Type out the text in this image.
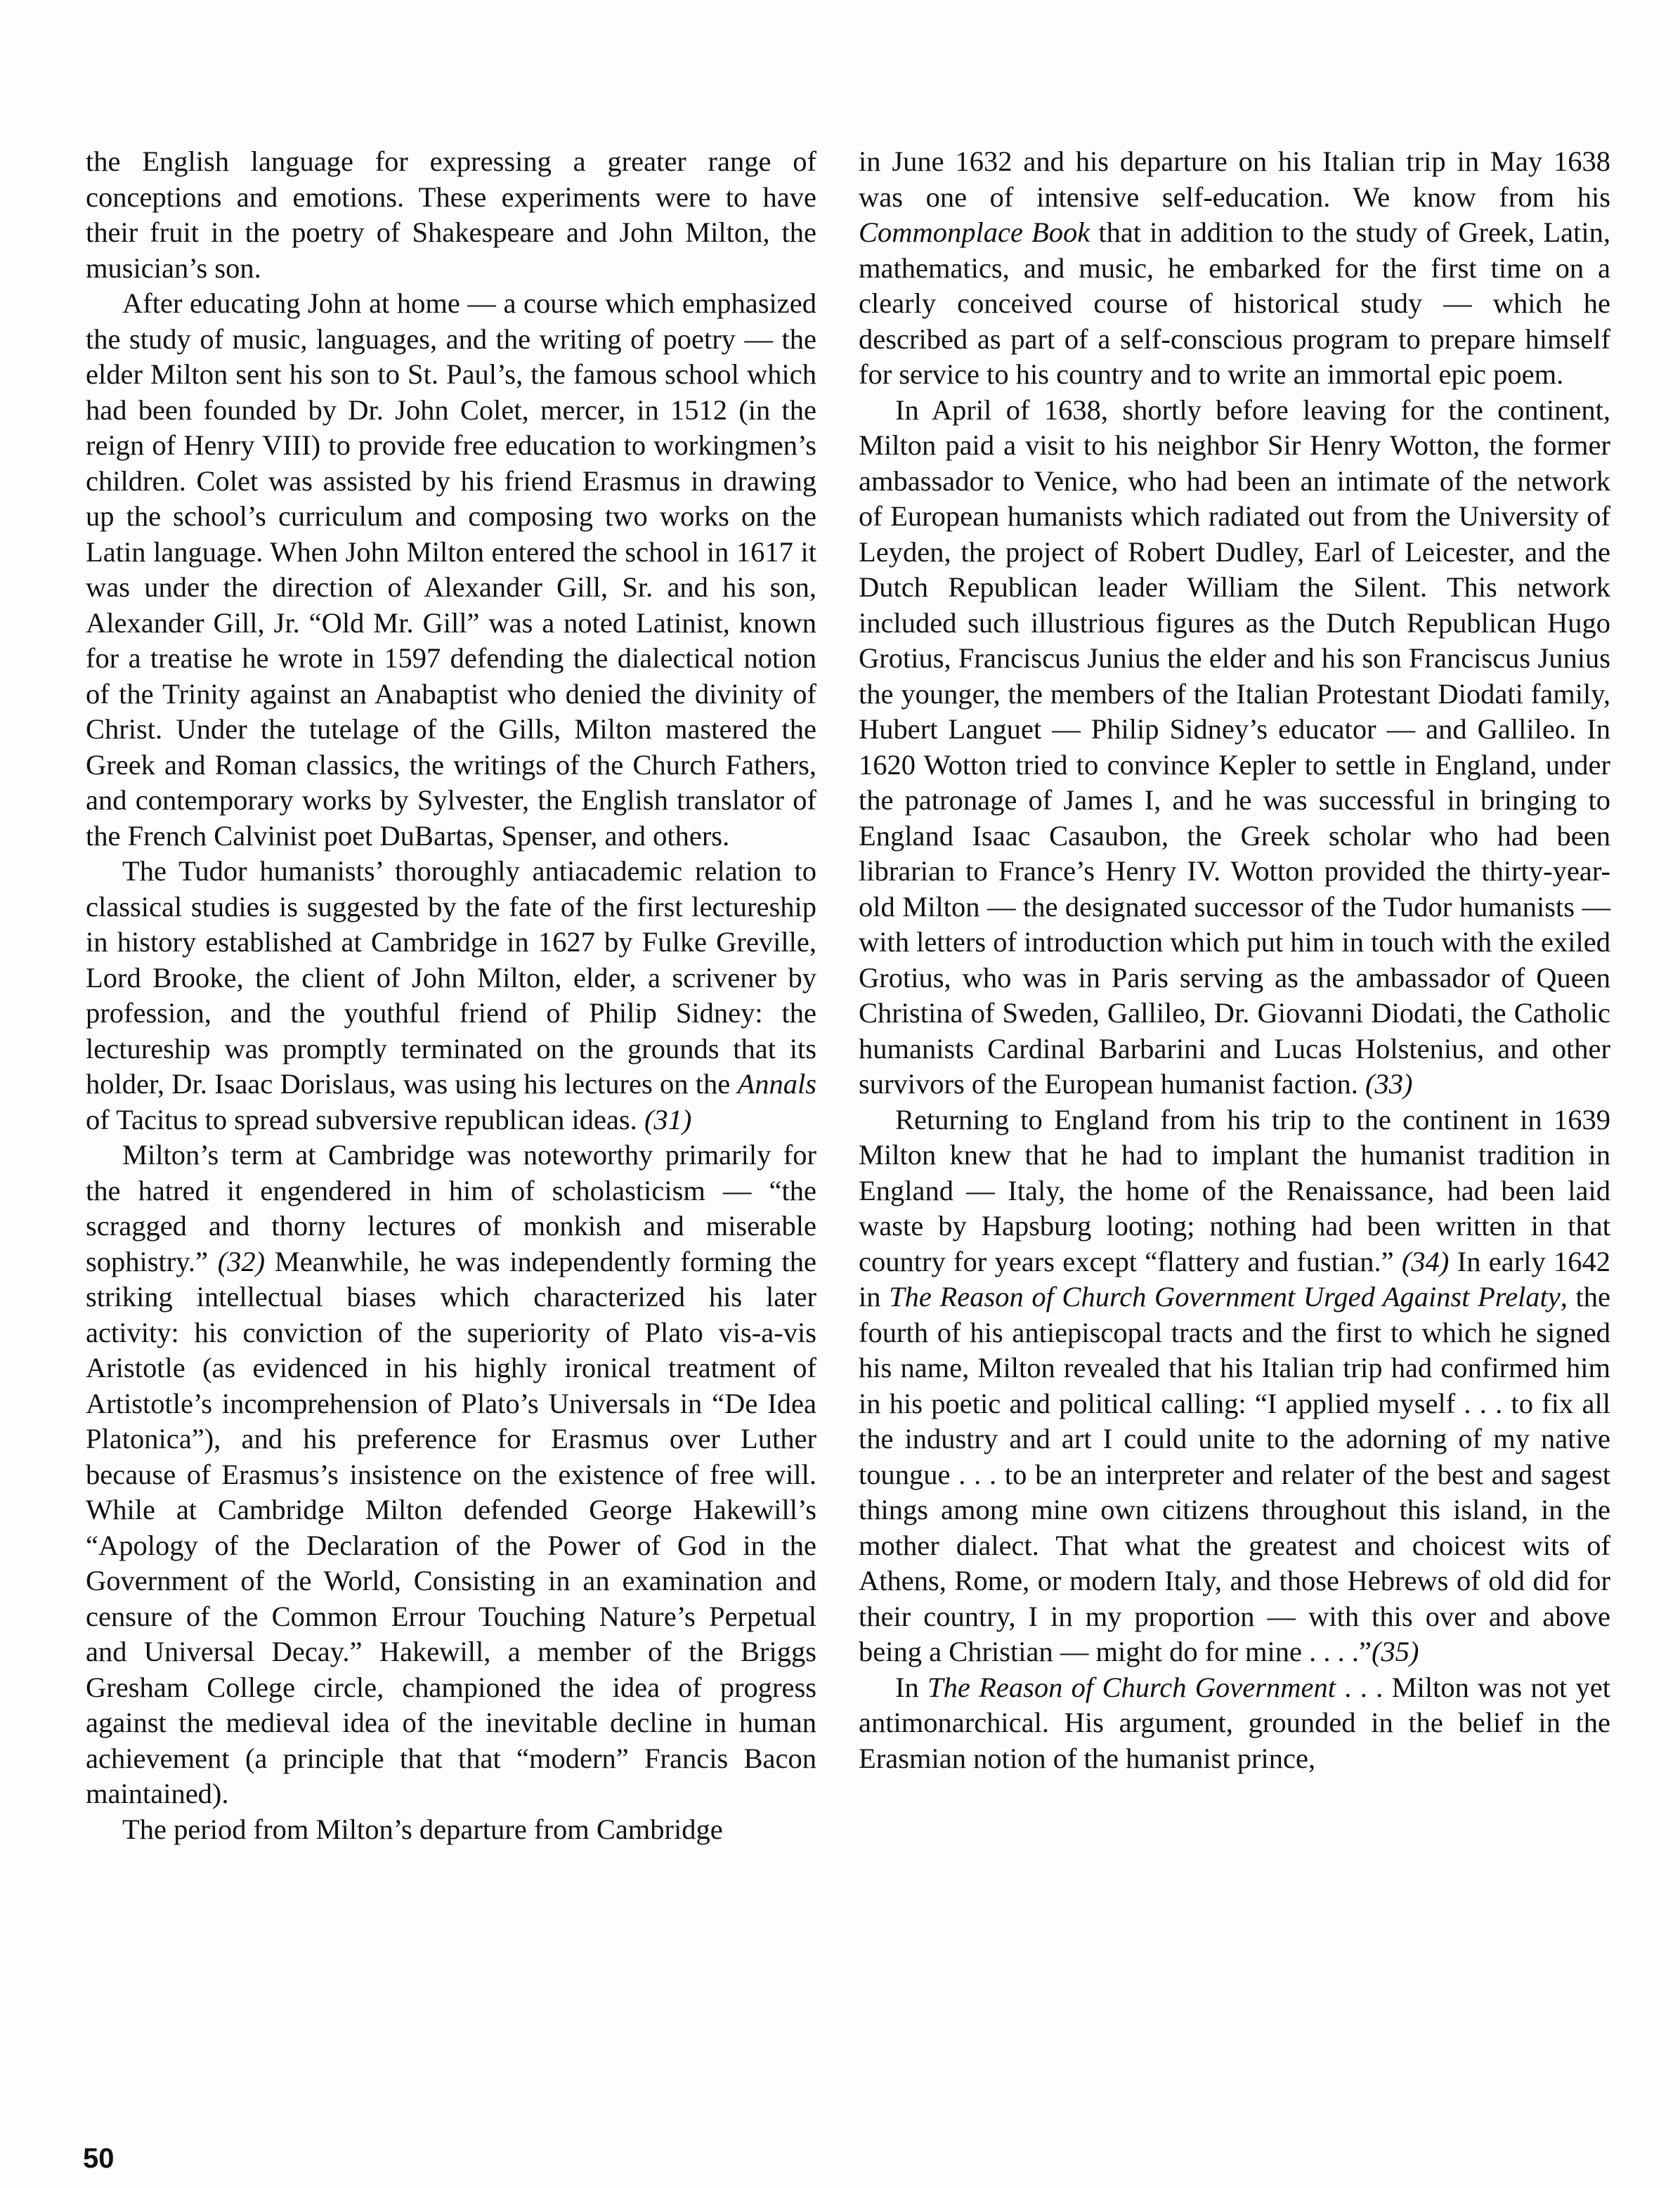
the English language for expressing a greater range of conceptions and emotions. These experiments were to have their fruit in the poetry of Shakespeare and John Milton, the musician’s son.

After educating John at home — a course which emphasized the study of music, languages, and the writing of poetry — the elder Milton sent his son to St. Paul’s, the famous school which had been founded by Dr. John Colet, mercer, in 1512 (in the reign of Henry VIII) to provide free education to workingmen’s children. Colet was assisted by his friend Erasmus in drawing up the school’s curriculum and composing two works on the Latin language. When John Milton entered the school in 1617 it was under the direction of Alexander Gill, Sr. and his son, Alexander Gill, Jr. “Old Mr. Gill” was a noted Latinist, known for a treatise he wrote in 1597 defending the dialectical notion of the Trinity against an Anabaptist who denied the divinity of Christ. Under the tutelage of the Gills, Milton mastered the Greek and Roman classics, the writings of the Church Fathers, and contemporary works by Sylvester, the English translator of the French Calvinist poet DuBartas, Spenser, and others.

The Tudor humanists’ thoroughly antiacademic relation to classical studies is suggested by the fate of the first lectureship in history established at Cambridge in 1627 by Fulke Greville, Lord Brooke, the client of John Milton, elder, a scrivener by profession, and the youthful friend of Philip Sidney: the lectureship was promptly terminated on the grounds that its holder, Dr. Isaac Dorislaus, was using his lectures on the Annals of Tacitus to spread subversive republican ideas. (31)

Milton’s term at Cambridge was noteworthy primarily for the hatred it engendered in him of scholasticism — “the scragged and thorny lectures of monkish and miserable sophistry.” (32) Meanwhile, he was independently forming the striking intellectual biases which characterized his later activity: his conviction of the superiority of Plato vis-a-vis Aristotle (as evidenced in his highly ironical treatment of Artistotle’s incomprehension of Plato’s Universals in “De Idea Platonica”), and his preference for Erasmus over Luther because of Erasmus’s insistence on the existence of free will. While at Cambridge Milton defended George Hakewill’s “Apology of the Declaration of the Power of God in the Government of the World, Consisting in an examination and censure of the Common Errour Touching Nature’s Perpetual and Universal Decay.” Hakewill, a member of the Briggs Gresham College circle, championed the idea of progress against the medieval idea of the inevitable decline in human achievement (a principle that that “modern” Francis Bacon maintained).

The period from Milton’s departure from Cambridge

in June 1632 and his departure on his Italian trip in May 1638 was one of intensive self-education. We know from his Commonplace Book that in addition to the study of Greek, Latin, mathematics, and music, he embarked for the first time on a clearly conceived course of historical study — which he described as part of a self-conscious program to prepare himself for service to his country and to write an immortal epic poem.

In April of 1638, shortly before leaving for the continent, Milton paid a visit to his neighbor Sir Henry Wotton, the former ambassador to Venice, who had been an intimate of the network of European humanists which radiated out from the University of Leyden, the project of Robert Dudley, Earl of Leicester, and the Dutch Republican leader William the Silent. This network included such illustrious figures as the Dutch Republican Hugo Grotius, Franciscus Junius the elder and his son Franciscus Junius the younger, the members of the Italian Protestant Diodati family, Hubert Languet — Philip Sidney’s educator — and Gallileo. In 1620 Wotton tried to convince Kepler to settle in England, under the patronage of James I, and he was successful in bringing to England Isaac Casaubon, the Greek scholar who had been librarian to France’s Henry IV. Wotton provided the thirty-year-old Milton — the designated successor of the Tudor humanists — with letters of introduction which put him in touch with the exiled Grotius, who was in Paris serving as the ambassador of Queen Christina of Sweden, Gallileo, Dr. Giovanni Diodati, the Catholic humanists Cardinal Barbarini and Lucas Holstenius, and other survivors of the European humanist faction. (33)

Returning to England from his trip to the continent in 1639 Milton knew that he had to implant the humanist tradition in England — Italy, the home of the Renaissance, had been laid waste by Hapsburg looting; nothing had been written in that country for years except “flattery and fustian.” (34) In early 1642 in The Reason of Church Government Urged Against Prelaty, the fourth of his antiepiscopal tracts and the first to which he signed his name, Milton revealed that his Italian trip had confirmed him in his poetic and political calling: “I applied myself . . . to fix all the industry and art I could unite to the adorning of my native toungue . . . to be an interpreter and relater of the best and sagest things among mine own citizens throughout this island, in the mother dialect. That what the greatest and choicest wits of Athens, Rome, or modern Italy, and those Hebrews of old did for their country, I in my proportion — with this over and above being a Christian — might do for mine . . . .”(35)

In The Reason of Church Government . . . Milton was not yet antimonarchical. His argument, grounded in the belief in the Erasmian notion of the humanist prince,

50
